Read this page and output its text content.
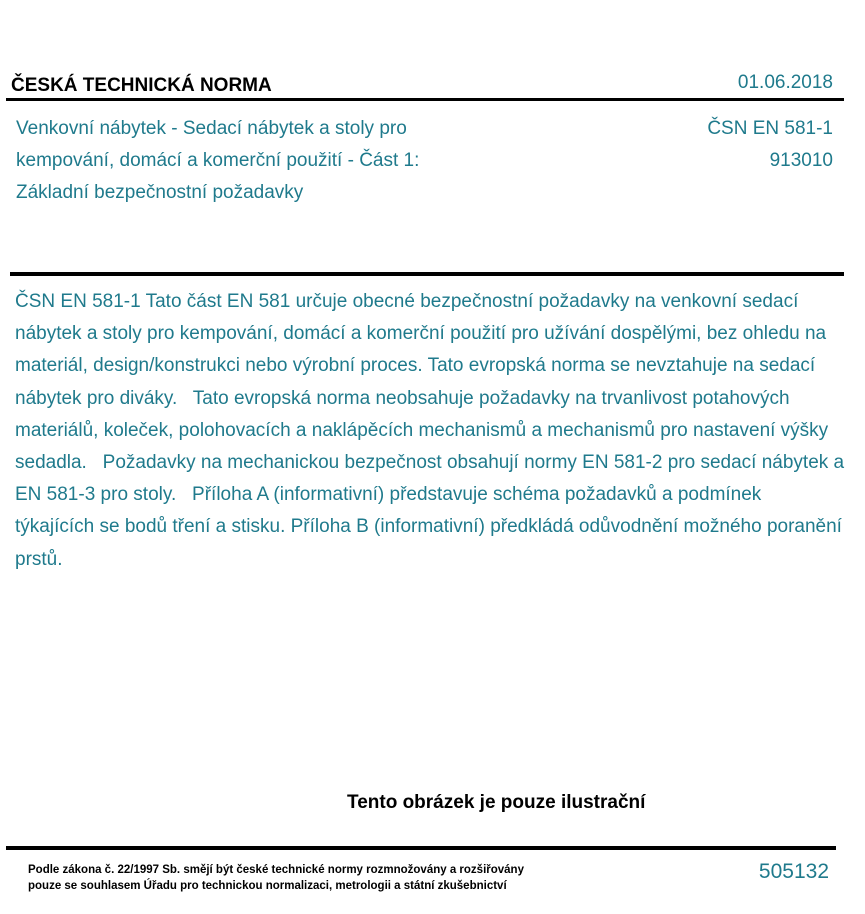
ČESKÁ TECHNICKÁ NORMA	01.06.2018
Venkovní nábytek - Sedací nábytek a stoly pro kempování, domácí a komerční použití - Část 1: Základní bezpečnostní požadavky
ČSN EN 581-1
913010
ČSN EN 581-1 Tato část EN 581 určuje obecné bezpečnostní požadavky na venkovní sedací nábytek a stoly pro kempování, domácí a komerční použití pro užívání dospělými, bez ohledu na materiál, design/konstrukci nebo výrobní proces. Tato evropská norma se nevztahuje na sedací nábytek pro diváky.   Tato evropská norma neobsahuje požadavky na trvanlivost potahových materiálů, koleček, polohovacích a naklápěcích mechanismů a mechanismů pro nastavení výšky sedadla.   Požadavky na mechanickou bezpečnost obsahují normy EN 581-2 pro sedací nábytek a EN 581-3 pro stoly.   Příloha A (informativní) představuje schéma požadavků a podmínek týkajících se bodů tření a stisku. Příloha B (informativní) předkládá odůvodnění možného poranění prstů.
Tento obrázek je pouze ilustrační
Podle zákona č. 22/1997 Sb. smějí být české technické normy rozmnožovány a rozšiřovány
pouze se souhlasem Úřadu pro technickou normalizaci, metrologii a státní zkušebnictví
505132
